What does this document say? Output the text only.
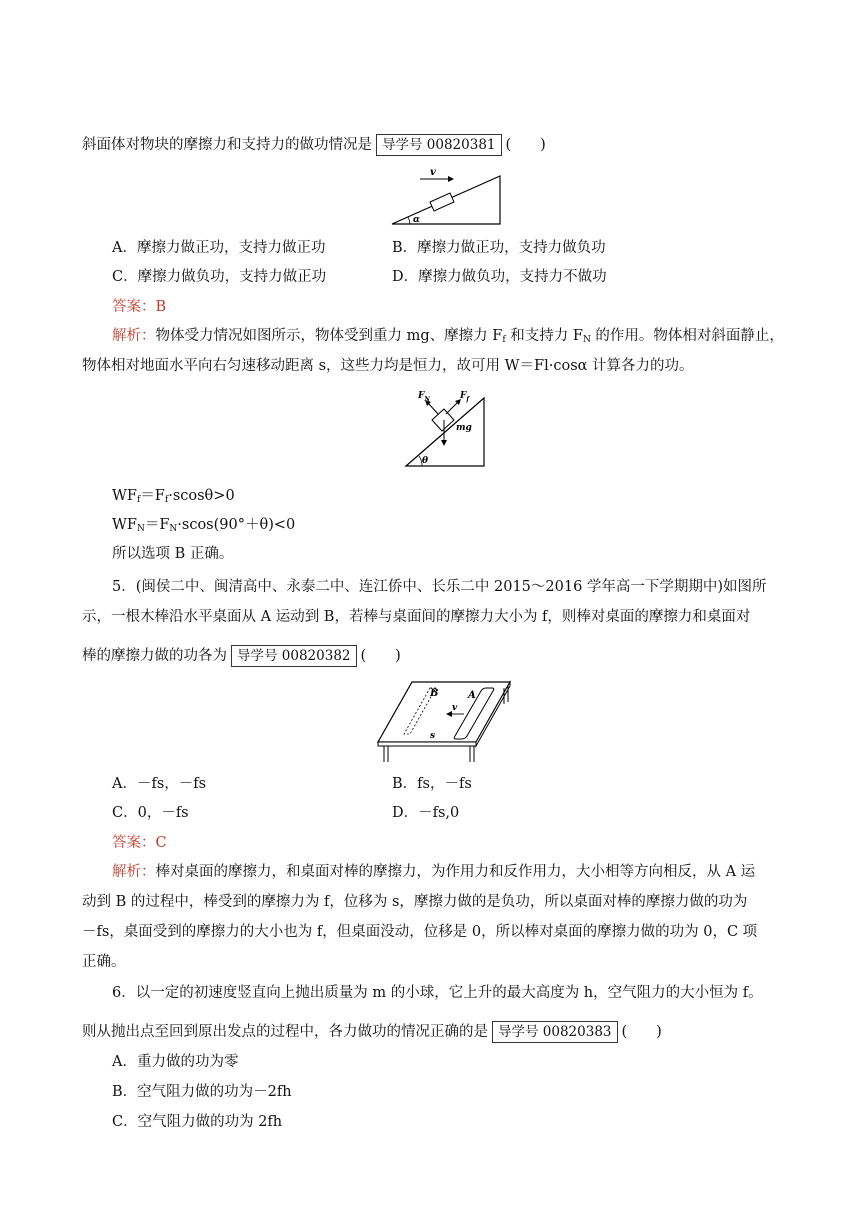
斜面体对物块的摩擦力和支持力的做功情况是 导学号 00820381 (　　)
v
α
A．摩擦力做正功，支持力做正功	B．摩擦力做正功，支持力做负功
C．摩擦力做负功，支持力做正功	D．摩擦力做负功，支持力不做功
答案：B
解析：物体受力情况如图所示，物体受到重力 mg、摩擦力 $F_f$ 和支持力 $F_N$ 的作用。物体相对斜面静止，
物体相对地面水平向右匀速移动距离 s，这些力均是恒力，故可用 W＝Fl·cosα 计算各力的功。
$F_N$	$F_f$
mg
θ
$WF_f=F_f\cdot scos\theta>0$
$WF_N=F_N\cdot scos(90^\circ+\theta)<0$
所以选项 B 正确。
5．(闽侯二中、闽清高中、永泰二中、连江侨中、长乐二中 2015～2016 学年高一下学期期中)如图所
示，一根木棒沿水平桌面从 A 运动到 B，若棒与桌面间的摩擦力大小为 f，则棒对桌面的摩擦力和桌面对
棒的摩擦力做的功各为 导学号 00820382 (　　)
B	A
v
s
A．－fs，－fs	B．fs，－fs
C．0，－fs	D．－fs,0
答案：C
解析：棒对桌面的摩擦力，和桌面对棒的摩擦力，为作用力和反作用力，大小相等方向相反，从 A 运
动到 B 的过程中，棒受到的摩擦力为 f，位移为 s，摩擦力做的是负功，所以桌面对棒的摩擦力做的功为
－fs，桌面受到的摩擦力的大小也为 f，但桌面没动，位移是 0，所以棒对桌面的摩擦力做的功为 0，C 项
正确。
6．以一定的初速度竖直向上抛出质量为 m 的小球，它上升的最大高度为 h，空气阻力的大小恒为 f。
则从抛出点至回到原出发点的过程中，各力做功的情况正确的是 导学号 00820383 (　　)
A．重力做的功为零
B．空气阻力做的功为－2fh
C．空气阻力做的功为 2fh
